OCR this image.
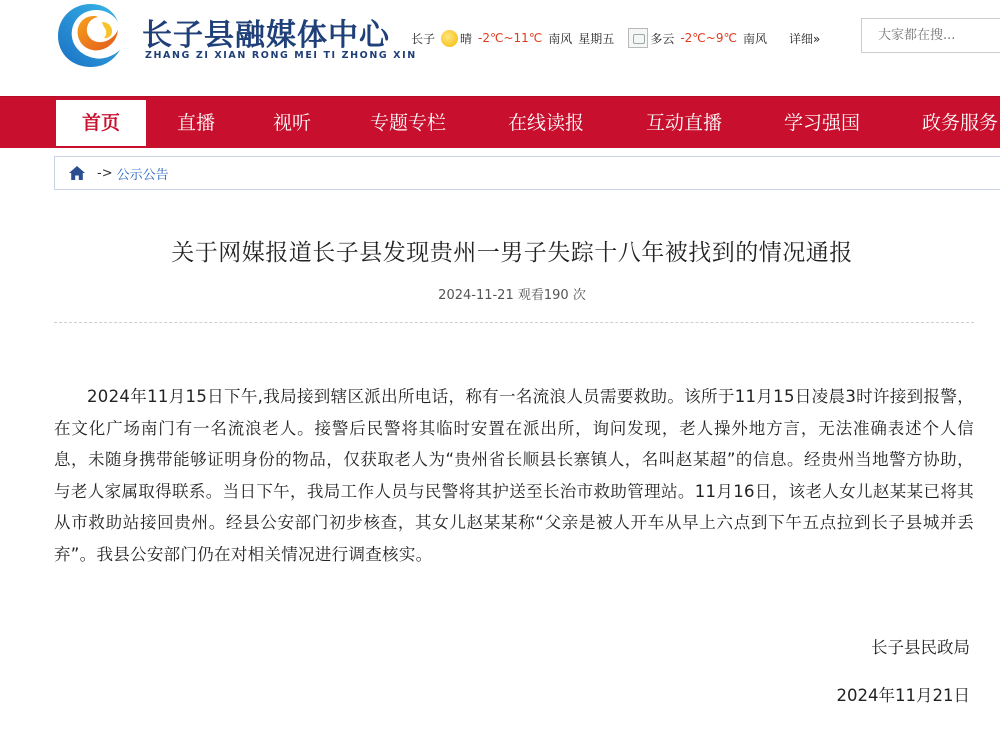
长子县融媒体中心
ZHANG ZI XIAN RONG MEI TI ZHONG XIN
长子 晴 -2℃~11℃ 南风 星期五	多云 -2℃~9℃ 南风 详细»
大家都在搜...
首页	直播	视听	专题专栏	在线读报	互动直播	学习强国	政务服务
-> 公示公告
关于网媒报道长子县发现贵州一男子失踪十八年被找到的情况通报
2024-11-21 观看190 次

2024年11月15日下午,我局接到辖区派出所电话，称有一名流浪人员需要救助。该所于11月15日凌晨3时许接到报警，在文化广场南门有一名流浪老人。接警后民警将其临时安置在派出所，询问发现，老人操外地方言，无法准确表述个人信息，未随身携带能够证明身份的物品，仅获取老人为“贵州省长顺县长寨镇人，名叫赵某超”的信息。经贵州当地警方协助，与老人家属取得联系。当日下午，我局工作人员与民警将其护送至长治市救助管理站。11月16日，该老人女儿赵某某已将其从市救助站接回贵州。经县公安部门初步核查，其女儿赵某某称“父亲是被人开车从早上六点到下午五点拉到长子县城并丢弃”。我县公安部门仍在对相关情况进行调查核实。

长子县民政局
2024年11月21日
